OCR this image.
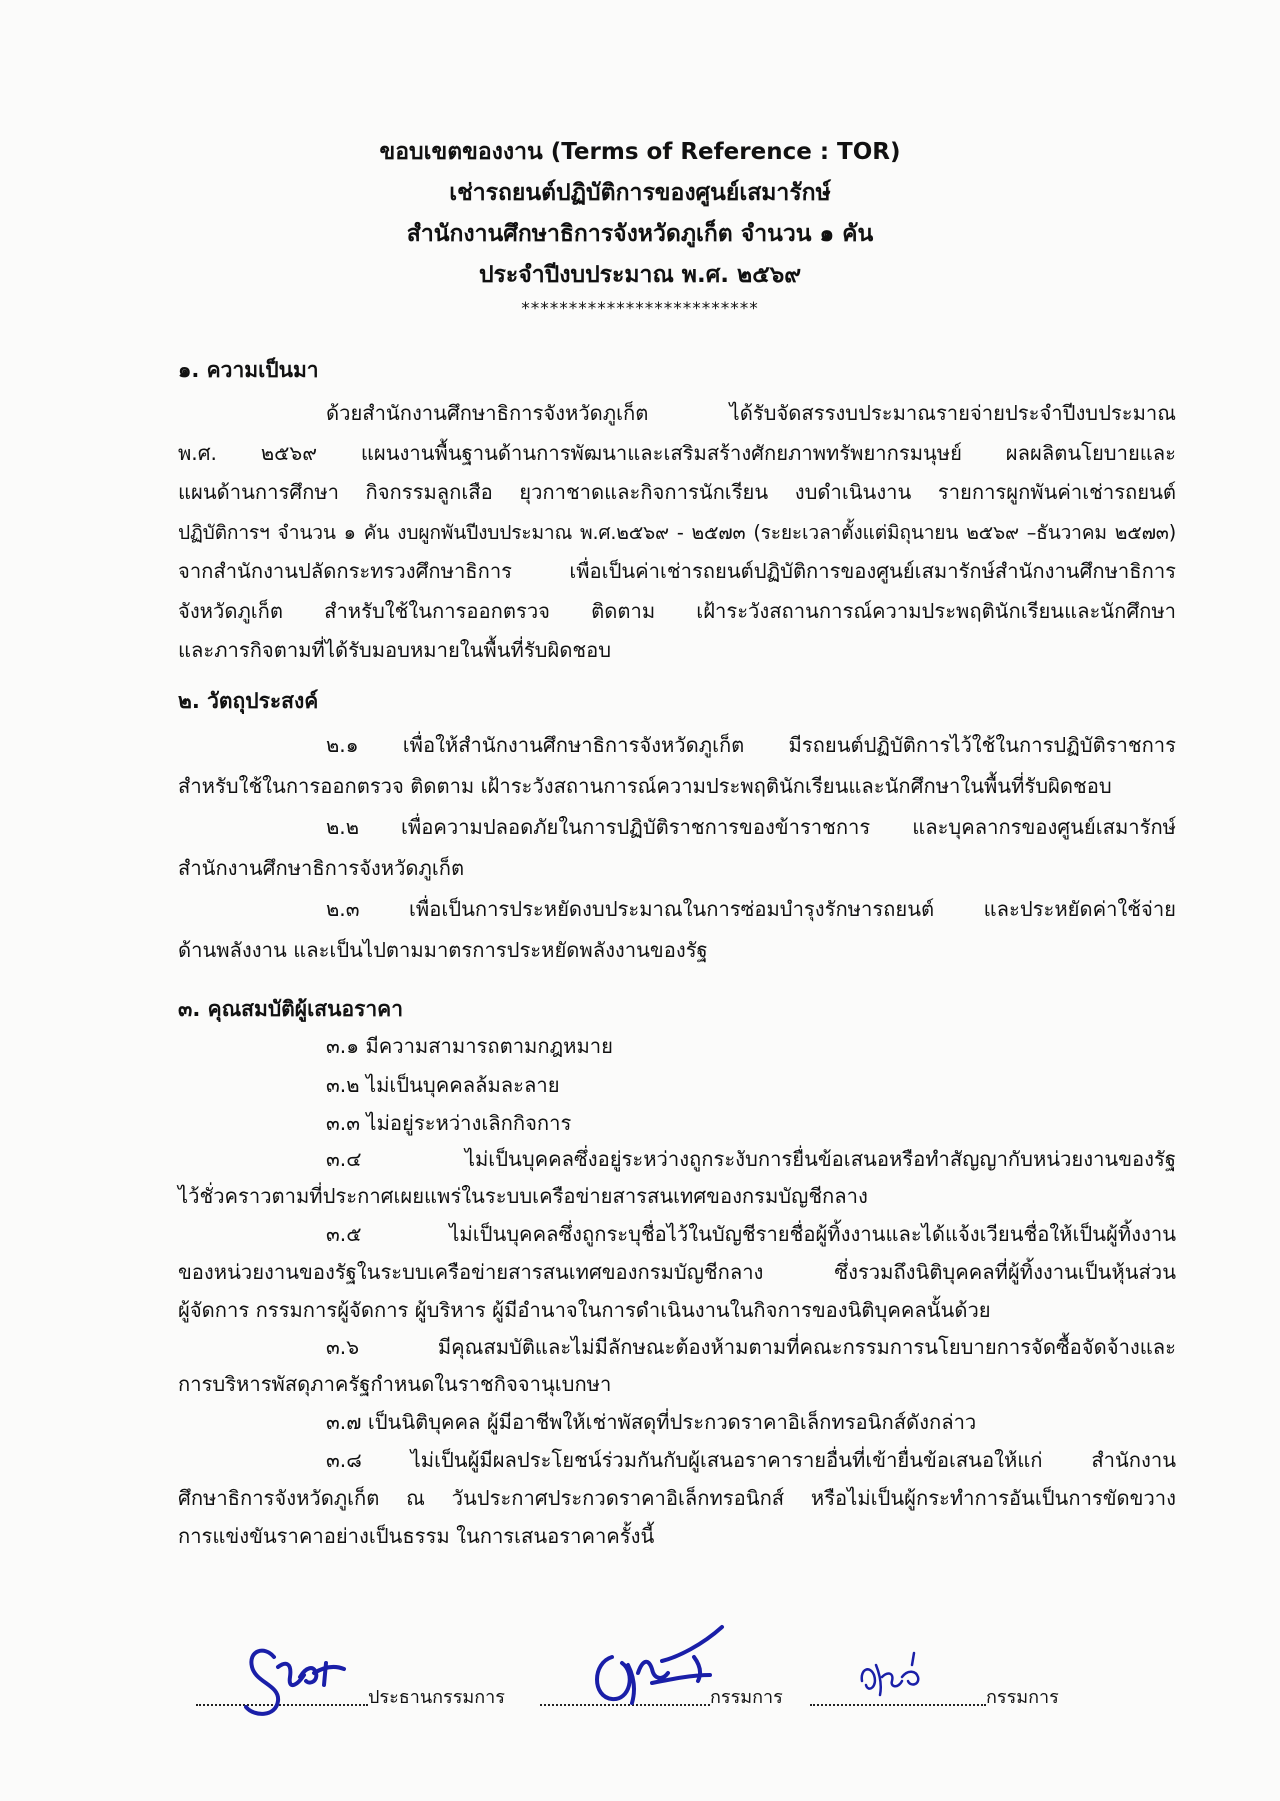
ขอบเขตของงาน (Terms of Reference : TOR)
เช่ารถยนต์ปฏิบัติการของศูนย์เสมารักษ์
สำนักงานศึกษาธิการจังหวัดภูเก็ต จำนวน ๑ คัน
ประจำปีงบประมาณ พ.ศ. ๒๕๖๙
*************************
๑. ความเป็นมา
ด้วยสำนักงานศึกษาธิการจังหวัดภูเก็ต ได้รับจัดสรรงบประมาณรายจ่ายประจำปีงบประมาณ
พ.ศ. ๒๕๖๙ แผนงานพื้นฐานด้านการพัฒนาและเสริมสร้างศักยภาพทรัพยากรมนุษย์ ผลผลิตนโยบายและ
แผนด้านการศึกษา กิจกรรมลูกเสือ ยุวกาชาดและกิจการนักเรียน งบดำเนินงาน รายการผูกพันค่าเช่ารถยนต์
ปฏิบัติการฯ จำนวน ๑ คัน งบผูกพันปีงบประมาณ พ.ศ.๒๕๖๙ - ๒๕๗๓ (ระยะเวลาตั้งแต่มิถุนายน ๒๕๖๙ –ธันวาคม ๒๕๗๓)
จากสำนักงานปลัดกระทรวงศึกษาธิการ เพื่อเป็นค่าเช่ารถยนต์ปฏิบัติการของศูนย์เสมารักษ์สำนักงานศึกษาธิการ
จังหวัดภูเก็ต สำหรับใช้ในการออกตรวจ ติดตาม เฝ้าระวังสถานการณ์ความประพฤตินักเรียนและนักศึกษา
และภารกิจตามที่ได้รับมอบหมายในพื้นที่รับผิดชอบ
๒. วัตถุประสงค์
๒.๑ เพื่อให้สำนักงานศึกษาธิการจังหวัดภูเก็ต มีรถยนต์ปฏิบัติการไว้ใช้ในการปฏิบัติราชการ
สำหรับใช้ในการออกตรวจ ติดตาม เฝ้าระวังสถานการณ์ความประพฤตินักเรียนและนักศึกษาในพื้นที่รับผิดชอบ
๒.๒ เพื่อความปลอดภัยในการปฏิบัติราชการของข้าราชการ และบุคลากรของศูนย์เสมารักษ์
สำนักงานศึกษาธิการจังหวัดภูเก็ต
๒.๓ เพื่อเป็นการประหยัดงบประมาณในการซ่อมบำรุงรักษารถยนต์ และประหยัดค่าใช้จ่าย
ด้านพลังงาน และเป็นไปตามมาตรการประหยัดพลังงานของรัฐ
๓. คุณสมบัติผู้เสนอราคา
๓.๑ มีความสามารถตามกฎหมาย
๓.๒ ไม่เป็นบุคคลล้มละลาย
๓.๓ ไม่อยู่ระหว่างเลิกกิจการ
๓.๔ ไม่เป็นบุคคลซึ่งอยู่ระหว่างถูกระงับการยื่นข้อเสนอหรือทำสัญญากับหน่วยงานของรัฐ
ไว้ชั่วคราวตามที่ประกาศเผยแพร่ในระบบเครือข่ายสารสนเทศของกรมบัญชีกลาง
๓.๕ ไม่เป็นบุคคลซึ่งถูกระบุชื่อไว้ในบัญชีรายชื่อผู้ทิ้งงานและได้แจ้งเวียนชื่อให้เป็นผู้ทิ้งงาน
ของหน่วยงานของรัฐในระบบเครือข่ายสารสนเทศของกรมบัญชีกลาง ซึ่งรวมถึงนิติบุคคลที่ผู้ทิ้งงานเป็นหุ้นส่วน
ผู้จัดการ กรรมการผู้จัดการ ผู้บริหาร ผู้มีอำนาจในการดำเนินงานในกิจการของนิติบุคคลนั้นด้วย
๓.๖ มีคุณสมบัติและไม่มีลักษณะต้องห้ามตามที่คณะกรรมการนโยบายการจัดซื้อจัดจ้างและ
การบริหารพัสดุภาครัฐกำหนดในราชกิจจานุเบกษา
๓.๗ เป็นนิติบุคคล ผู้มีอาชีพให้เช่าพัสดุที่ประกวดราคาอิเล็กทรอนิกส์ดังกล่าว
๓.๘ ไม่เป็นผู้มีผลประโยชน์ร่วมกันกับผู้เสนอราคารายอื่นที่เข้ายื่นข้อเสนอให้แก่ สำนักงาน
ศึกษาธิการจังหวัดภูเก็ต ณ วันประกาศประกวดราคาอิเล็กทรอนิกส์ หรือไม่เป็นผู้กระทำการอันเป็นการขัดขวาง
การแข่งขันราคาอย่างเป็นธรรม ในการเสนอราคาครั้งนี้
ประธานกรรมการ	กรรมการ	กรรมการ
